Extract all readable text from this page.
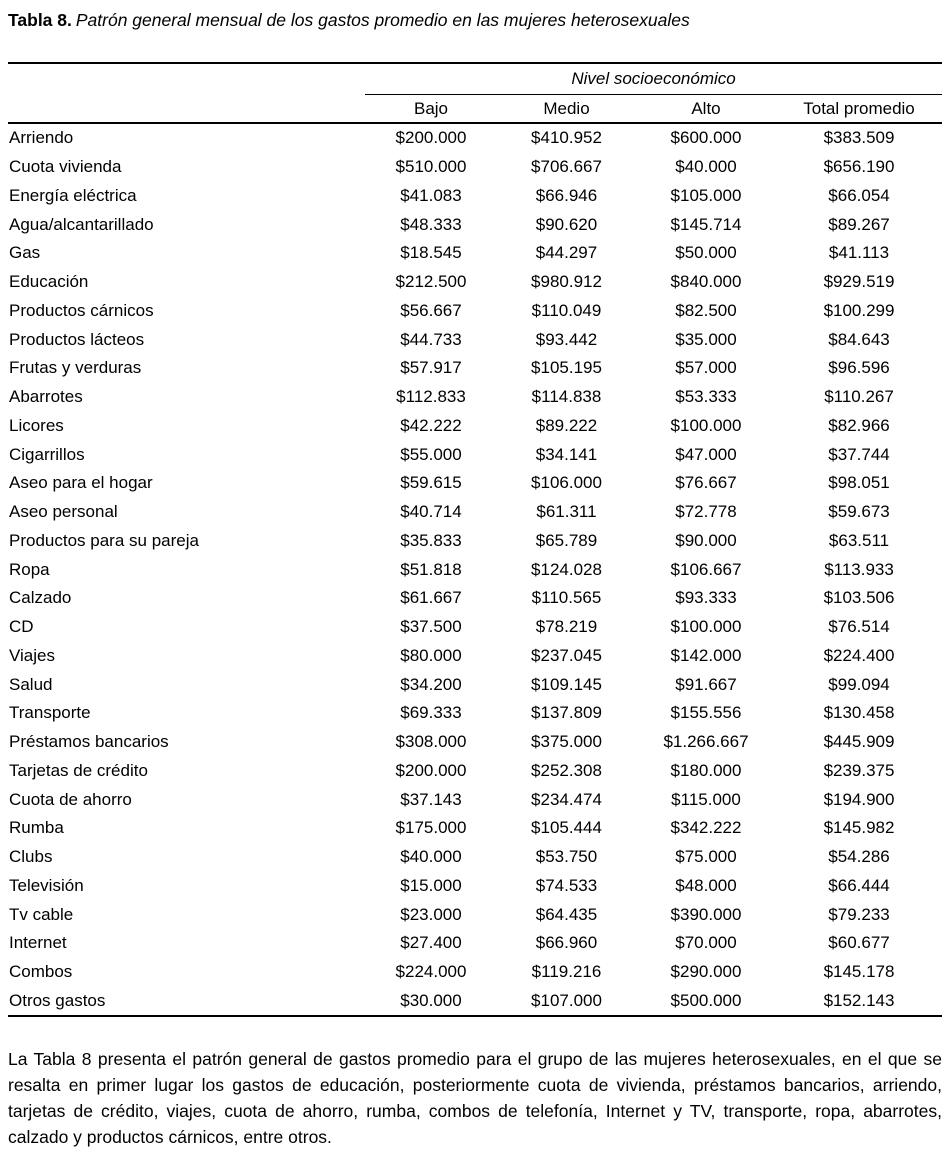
Tabla 8. Patrón general mensual de los gastos promedio en las mujeres heterosexuales

	Nivel socioeconómico			
	Bajo	Medio	Alto	Total promedio
Arriendo	$200.000	$410.952	$600.000	$383.509
Cuota vivienda	$510.000	$706.667	$40.000	$656.190
Energía eléctrica	$41.083	$66.946	$105.000	$66.054
Agua/alcantarillado	$48.333	$90.620	$145.714	$89.267
Gas	$18.545	$44.297	$50.000	$41.113
Educación	$212.500	$980.912	$840.000	$929.519
Productos cárnicos	$56.667	$110.049	$82.500	$100.299
Productos lácteos	$44.733	$93.442	$35.000	$84.643
Frutas y verduras	$57.917	$105.195	$57.000	$96.596
Abarrotes	$112.833	$114.838	$53.333	$110.267
Licores	$42.222	$89.222	$100.000	$82.966
Cigarrillos	$55.000	$34.141	$47.000	$37.744
Aseo para el hogar	$59.615	$106.000	$76.667	$98.051
Aseo personal	$40.714	$61.311	$72.778	$59.673
Productos para su pareja	$35.833	$65.789	$90.000	$63.511
Ropa	$51.818	$124.028	$106.667	$113.933
Calzado	$61.667	$110.565	$93.333	$103.506
CD	$37.500	$78.219	$100.000	$76.514
Viajes	$80.000	$237.045	$142.000	$224.400
Salud	$34.200	$109.145	$91.667	$99.094
Transporte	$69.333	$137.809	$155.556	$130.458
Préstamos bancarios	$308.000	$375.000	$1.266.667	$445.909
Tarjetas de crédito	$200.000	$252.308	$180.000	$239.375
Cuota de ahorro	$37.143	$234.474	$115.000	$194.900
Rumba	$175.000	$105.444	$342.222	$145.982
Clubs	$40.000	$53.750	$75.000	$54.286
Televisión	$15.000	$74.533	$48.000	$66.444
Tv cable	$23.000	$64.435	$390.000	$79.233
Internet	$27.400	$66.960	$70.000	$60.677
Combos	$224.000	$119.216	$290.000	$145.178
Otros gastos	$30.000	$107.000	$500.000	$152.143

La Tabla 8 presenta el patrón general de gastos promedio para el grupo de las mujeres heterosexuales, en el que se resalta en primer lugar los gastos de educación, posteriormente cuota de vivienda, préstamos bancarios, arriendo, tarjetas de crédito, viajes, cuota de ahorro, rumba, combos de telefonía, Internet y TV, transporte, ropa, abarrotes, calzado y productos cárnicos, entre otros.
